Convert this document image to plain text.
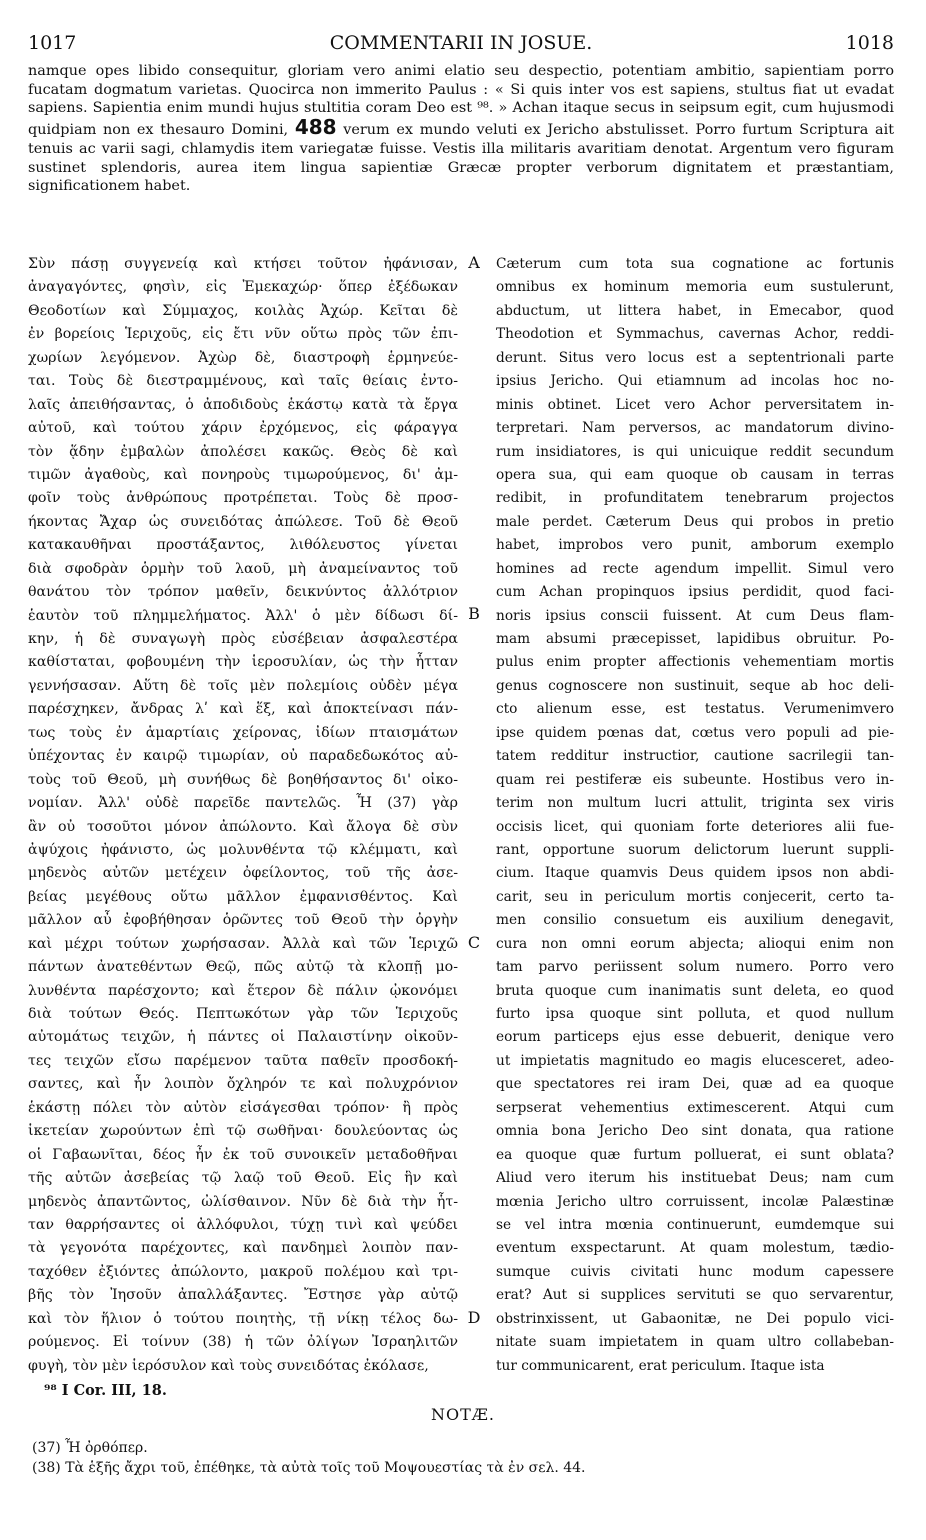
1017	COMMENTARII IN JOSUE.	1018
namque opes libido consequitur, gloriam vero animi elatio seu despectio, potentiam ambitio, sapientiam porro fucatam dogmatum varietas. Quocirca non immerito Paulus : « Si quis inter vos est sapiens, stultus fiat ut evadat sapiens. Sapientia enim mundi hujus stultitia coram Deo est ⁹⁸. » Achan itaque secus in seipsum egit, cum hujusmodi quidpiam non ex thesauro Domini, 488 verum ex mundo veluti ex Jericho abstulisset. Porro furtum Scriptura ait tenuis ac varii sagi, chlamydis item variegatæ fuisse. Vestis illa militaris avaritiam denotat. Argentum vero figuram sustinet splendoris, aurea item lingua sapientiæ Græcæ propter verborum dignitatem et præstantiam, significationem habet.
Σὺν πάσῃ συγγενείᾳ καὶ κτήσει τοῦτον ἠφάνισαν,
ἀναγαγόντες, φησὶν, εἰς Ἐμεκαχώρ· ὅπερ ἐξέδωκαν
Θεοδοτίων καὶ Σύμμαχος, κοιλὰς Ἀχώρ. Κεῖται δὲ
ἐν βορείοις Ἱεριχοῦς, εἰς ἔτι νῦν οὕτω πρὸς τῶν ἐπι-
χωρίων λεγόμενον. Ἀχὼρ δὲ, διαστροφὴ ἑρμηνεύε-
ται. Τοὺς δὲ διεστραμμένους, καὶ ταῖς θείαις ἐντο-
λαῖς ἀπειθήσαντας, ὁ ἀποδιδοὺς ἑκάστῳ κατὰ τὰ ἔργα
αὐτοῦ, καὶ τούτου χάριν ἐρχόμενος, εἰς φάραγγα
τὸν ᾅδην ἐμβαλὼν ἀπολέσει κακῶς. Θεὸς δὲ καὶ
τιμῶν ἀγαθοὺς, καὶ πονηροὺς τιμωρούμενος, δι' ἀμ-
φοῖν τοὺς ἀνθρώπους προτρέπεται. Τοὺς δὲ προσ-
ήκοντας Ἄχαρ ὡς συνειδότας ἀπώλεσε. Τοῦ δὲ Θεοῦ
κατακαυθῆναι προστάξαντος, λιθόλευστος γίνεται
διὰ σφοδρὰν ὁρμὴν τοῦ λαοῦ, μὴ ἀναμείναντος τοῦ
θανάτου τὸν τρόπον μαθεῖν, δεικνύντος ἀλλότριον
ἑαυτὸν τοῦ πλημμελήματος. Ἀλλ' ὁ μὲν δίδωσι δί-
κην, ἡ δὲ συναγωγὴ πρὸς εὐσέβειαν ἀσφαλεστέρα
καθίσταται, φοβουμένη τὴν ἱεροσυλίαν, ὡς τὴν ἧτταν
γεννήσασαν. Αὕτη δὲ τοῖς μὲν πολεμίοις οὐδὲν μέγα
παρέσχηκεν, ἄνδρας λʹ καὶ ἕξ, καὶ ἀποκτείνασι πάν-
τως τοὺς ἐν ἁμαρτίαις χείρονας, ἰδίων πταισμάτων
ὑπέχοντας ἐν καιρῷ τιμωρίαν, οὐ παραδεδωκότος αὐ-
τοὺς τοῦ Θεοῦ, μὴ συνήθως δὲ βοηθήσαντος δι' οἰκο-
νομίαν. Ἀλλ' οὐδὲ παρεῖδε παντελῶς. Ἦ (37) γὰρ
ἂν οὐ τοσοῦτοι μόνον ἀπώλοντο. Καὶ ἄλογα δὲ σὺν
ἀψύχοις ἠφάνιστο, ὡς μολυνθέντα τῷ κλέμματι, καὶ
μηδενὸς αὐτῶν μετέχειν ὀφείλοντος, τοῦ τῆς ἀσε-
βείας μεγέθους οὕτω μᾶλλον ἐμφανισθέντος. Καὶ
μᾶλλον αὖ ἐφοβήθησαν ὁρῶντες τοῦ Θεοῦ τὴν ὀργὴν
καὶ μέχρι τούτων χωρήσασαν. Ἀλλὰ καὶ τῶν Ἱεριχῶ
πάντων ἀνατεθέντων Θεῷ, πῶς αὐτῷ τὰ κλοπῇ μο-
λυνθέντα παρέσχοντο; καὶ ἕτερον δὲ πάλιν ᾠκονόμει
διὰ τούτων Θεός. Πεπτωκότων γὰρ τῶν Ἱεριχοῦς
αὐτομάτως τειχῶν, ἡ πάντες οἱ Παλαιστίνην οἰκοῦν-
τες τειχῶν εἴσω παρέμενον ταῦτα παθεῖν προσδοκή-
σαντες, καὶ ἦν λοιπὸν ὄχληρόν τε καὶ πολυχρόνιον
ἑκάστῃ πόλει τὸν αὐτὸν εἰσάγεσθαι τρόπον· ἢ πρὸς
ἱκετείαν χωρούντων ἐπὶ τῷ σωθῆναι· δουλεύοντας ὡς
οἱ Γαβαωνῖται, δέος ἦν ἐκ τοῦ συνοικεῖν μεταδοθῆναι
τῆς αὐτῶν ἀσεβείας τῷ λαῷ τοῦ Θεοῦ. Εἰς ἣν καὶ
μηδενὸς ἀπαντῶντος, ὠλίσθαινον. Νῦν δὲ διὰ τὴν ἧτ-
ταν θαρρήσαντες οἱ ἀλλόφυλοι, τύχῃ τινὶ καὶ ψεύδει
τὰ γεγονότα παρέχοντες, καὶ πανδημεὶ λοιπὸν παν-
ταχόθεν ἐξιόντες ἀπώλοντο, μακροῦ πολέμου καὶ τρι-
βῆς τὸν Ἰησοῦν ἀπαλλάξαντες. Ἔστησε γὰρ αὐτῷ
καὶ τὸν ἥλιον ὁ τούτου ποιητὴς, τῇ νίκῃ τέλος δω-
ρούμενος. Εἰ τοίνυν (38) ἡ τῶν ὀλίγων Ἰσραηλιτῶν
φυγὴ, τὸν μὲν ἱερόσυλον καὶ τοὺς συνειδότας ἐκόλασε,
A
B
C
D
Cæterum cum tota sua cognatione ac fortunis
omnibus ex hominum memoria eum sustulerunt,
abductum, ut littera habet, in Emecabor, quod
Theodotion et Symmachus, cavernas Achor, reddi-
derunt. Situs vero locus est a septentrionali parte
ipsius Jericho. Qui etiamnum ad incolas hoc no-
minis obtinet. Licet vero Achor perversitatem in-
terpretari. Nam perversos, ac mandatorum divino-
rum insidiatores, is qui unicuique reddit secundum
opera sua, qui eam quoque ob causam in terras
redibit, in profunditatem tenebrarum projectos
male perdet. Cæterum Deus qui probos in pretio
habet, improbos vero punit, amborum exemplo
homines ad recte agendum impellit. Simul vero
cum Achan propinquos ipsius perdidit, quod faci-
noris ipsius conscii fuissent. At cum Deus flam-
mam absumi præcepisset, lapidibus obruitur. Po-
pulus enim propter affectionis vehementiam mortis
genus cognoscere non sustinuit, seque ab hoc deli-
cto alienum esse, est testatus. Verumenimvero
ipse quidem pœnas dat, cœtus vero populi ad pie-
tatem redditur instructior, cautione sacrilegii tan-
quam rei pestiferæ eis subeunte. Hostibus vero in-
terim non multum lucri attulit, triginta sex viris
occisis licet, qui quoniam forte deteriores alii fue-
rant, opportune suorum delictorum luerunt suppli-
cium. Itaque quamvis Deus quidem ipsos non abdi-
carit, seu in periculum mortis conjecerit, certo ta-
men consilio consuetum eis auxilium denegavit,
cura non omni eorum abjecta; alioqui enim non
tam parvo periissent solum numero. Porro vero
bruta quoque cum inanimatis sunt deleta, eo quod
furto ipsa quoque sint polluta, et quod nullum
eorum particeps ejus esse debuerit, denique vero
ut impietatis magnitudo eo magis elucesceret, adeo-
que spectatores rei iram Dei, quæ ad ea quoque
serpserat vehementius extimescerent. Atqui cum
omnia bona Jericho Deo sint donata, qua ratione
ea quoque quæ furtum polluerat, ei sunt oblata?
Aliud vero iterum his instituebat Deus; nam cum
mœnia Jericho ultro corruissent, incolæ Palæstinæ
se vel intra mœnia continuerunt, eumdemque sui
eventum exspectarunt. At quam molestum, tædio-
sumque cuivis civitati hunc modum capessere
erat? Aut si supplices servituti se quo servarentur,
obstrinxissent, ut Gabaonitæ, ne Dei populo vici-
nitate suam impietatem in quam ultro collabeban-
tur communicarent, erat periculum. Itaque ista
⁹⁸ I Cor. III, 18.
NOTÆ.
(37) Ἦ ὀρθόπερ.
(38) Τὰ ἑξῆς ἄχρι τοῦ, ἐπέθηκε, τὰ αὐτὰ τοῖς τοῦ Μοψουεστίας τὰ ἐν σελ. 44.
